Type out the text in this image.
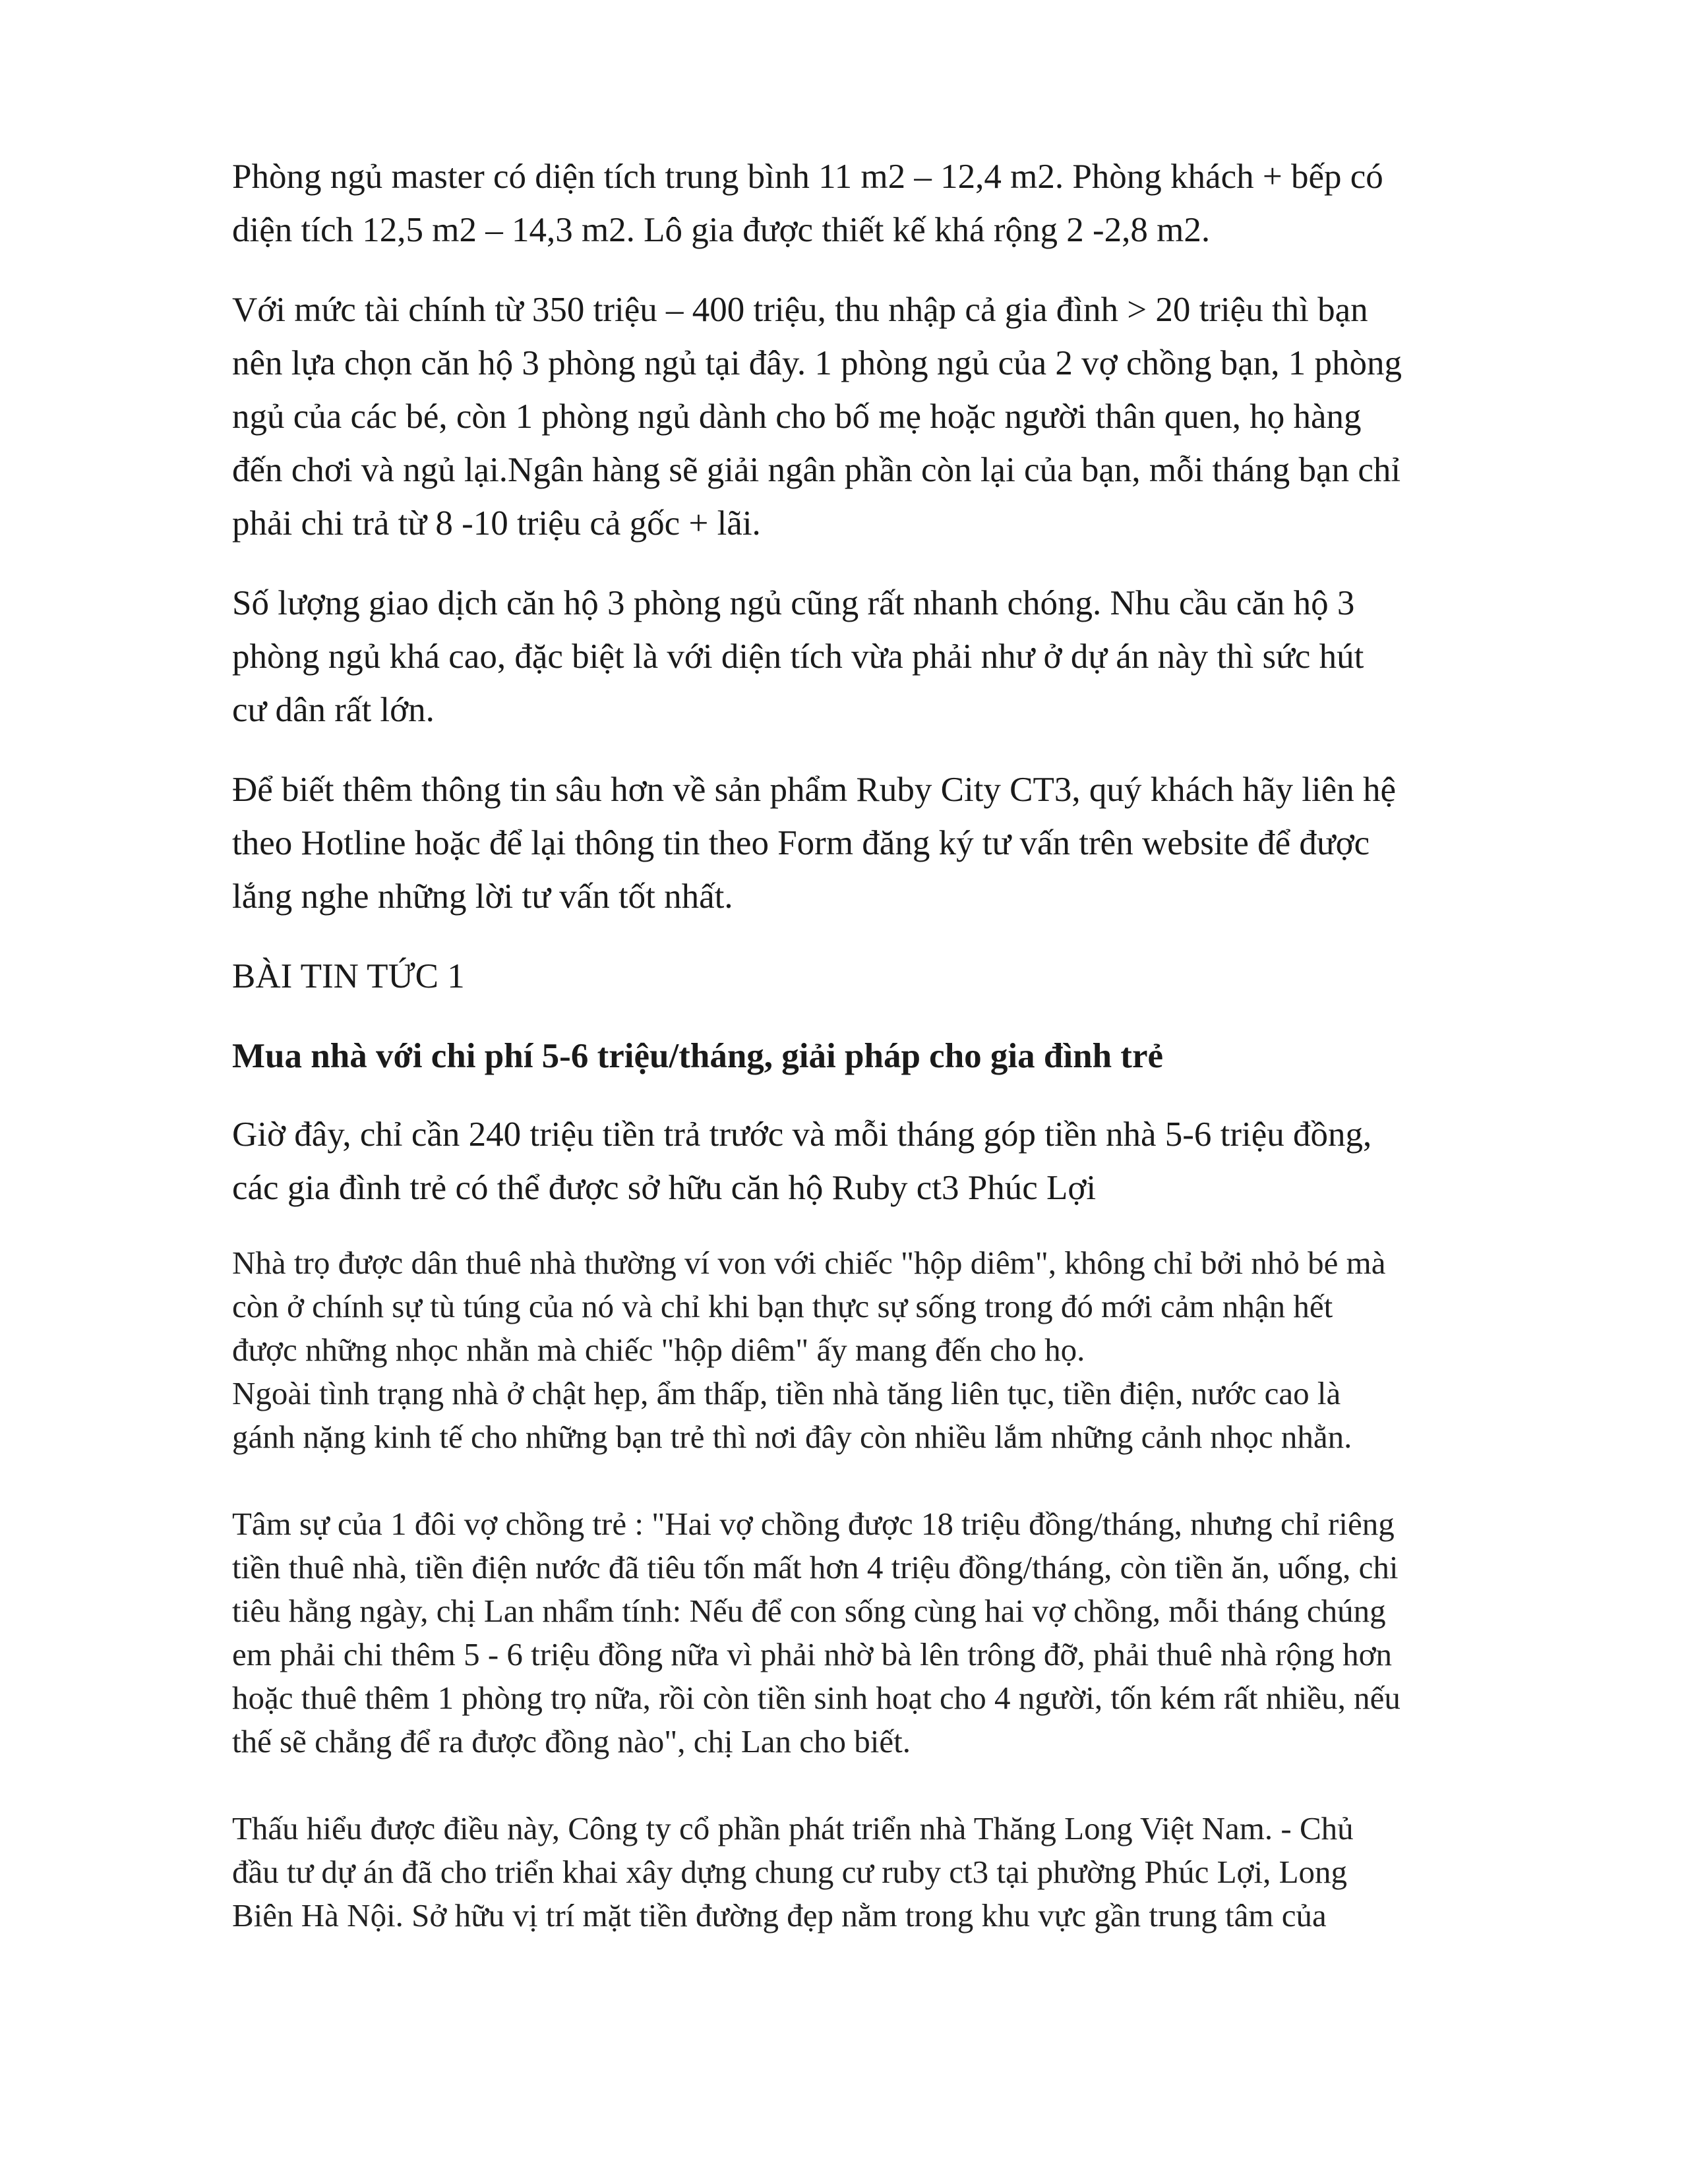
Phòng ngủ master có diện tích trung bình 11 m2 – 12,4 m2. Phòng khách + bếp có
diện tích 12,5 m2 – 14,3 m2. Lô gia được thiết kế khá rộng 2 -2,8 m2.

Với mức tài chính từ 350 triệu – 400 triệu, thu nhập cả gia đình > 20 triệu thì bạn
nên lựa chọn căn hộ 3 phòng ngủ tại đây. 1 phòng ngủ của 2 vợ chồng bạn, 1 phòng
ngủ của các bé, còn 1 phòng ngủ dành cho bố mẹ hoặc người thân quen, họ hàng
đến chơi và ngủ lại.Ngân hàng sẽ giải ngân phần còn lại của bạn, mỗi tháng bạn chỉ
phải chi trả từ 8 -10 triệu cả gốc + lãi.

Số lượng giao dịch căn hộ 3 phòng ngủ cũng rất nhanh chóng. Nhu cầu căn hộ 3
phòng ngủ khá cao, đặc biệt là với diện tích vừa phải như ở dự án này thì sức hút
cư dân rất lớn.

Để biết thêm thông tin sâu hơn về sản phẩm Ruby City CT3, quý khách hãy liên hệ
theo Hotline hoặc để lại thông tin theo Form đăng ký tư vấn trên website để được
lắng nghe những lời tư vấn tốt nhất.

BÀI TIN TỨC 1

Mua nhà với chi phí 5-6 triệu/tháng, giải pháp cho gia đình trẻ

Giờ đây, chỉ cần 240 triệu tiền trả trước và mỗi tháng góp tiền nhà 5-6 triệu đồng,
các gia đình trẻ có thể được sở hữu căn hộ Ruby ct3 Phúc Lợi

Nhà trọ được dân thuê nhà thường ví von với chiếc "hộp diêm", không chỉ bởi nhỏ bé mà
còn ở chính sự tù túng của nó và chỉ khi bạn thực sự sống trong đó mới cảm nhận hết
được những nhọc nhằn mà chiếc "hộp diêm" ấy mang đến cho họ.
Ngoài tình trạng nhà ở chật hẹp, ẩm thấp, tiền nhà tăng liên tục, tiền điện, nước cao là
gánh nặng kinh tế cho những bạn trẻ thì nơi đây còn nhiều lắm những cảnh nhọc nhằn.

Tâm sự của 1 đôi vợ chồng trẻ : "Hai vợ chồng được 18 triệu đồng/tháng, nhưng chỉ riêng
tiền thuê nhà, tiền điện nước đã tiêu tốn mất hơn 4 triệu đồng/tháng, còn tiền ăn, uống, chi
tiêu hằng ngày, chị Lan nhẩm tính: Nếu để con sống cùng hai vợ chồng, mỗi tháng chúng
em phải chi thêm 5 - 6 triệu đồng nữa vì phải nhờ bà lên trông đỡ, phải thuê nhà rộng hơn
hoặc thuê thêm 1 phòng trọ nữa, rồi còn tiền sinh hoạt cho 4 người, tốn kém rất nhiều, nếu
thế sẽ chẳng để ra được đồng nào", chị Lan cho biết.

Thấu hiểu được điều này, Công ty cổ phần phát triển nhà Thăng Long Việt Nam. - Chủ
đầu tư dự án đã cho triển khai xây dựng chung cư ruby ct3 tại phường Phúc Lợi, Long
Biên Hà Nội. Sở hữu vị trí mặt tiền đường đẹp nằm trong khu vực gần trung tâm của
